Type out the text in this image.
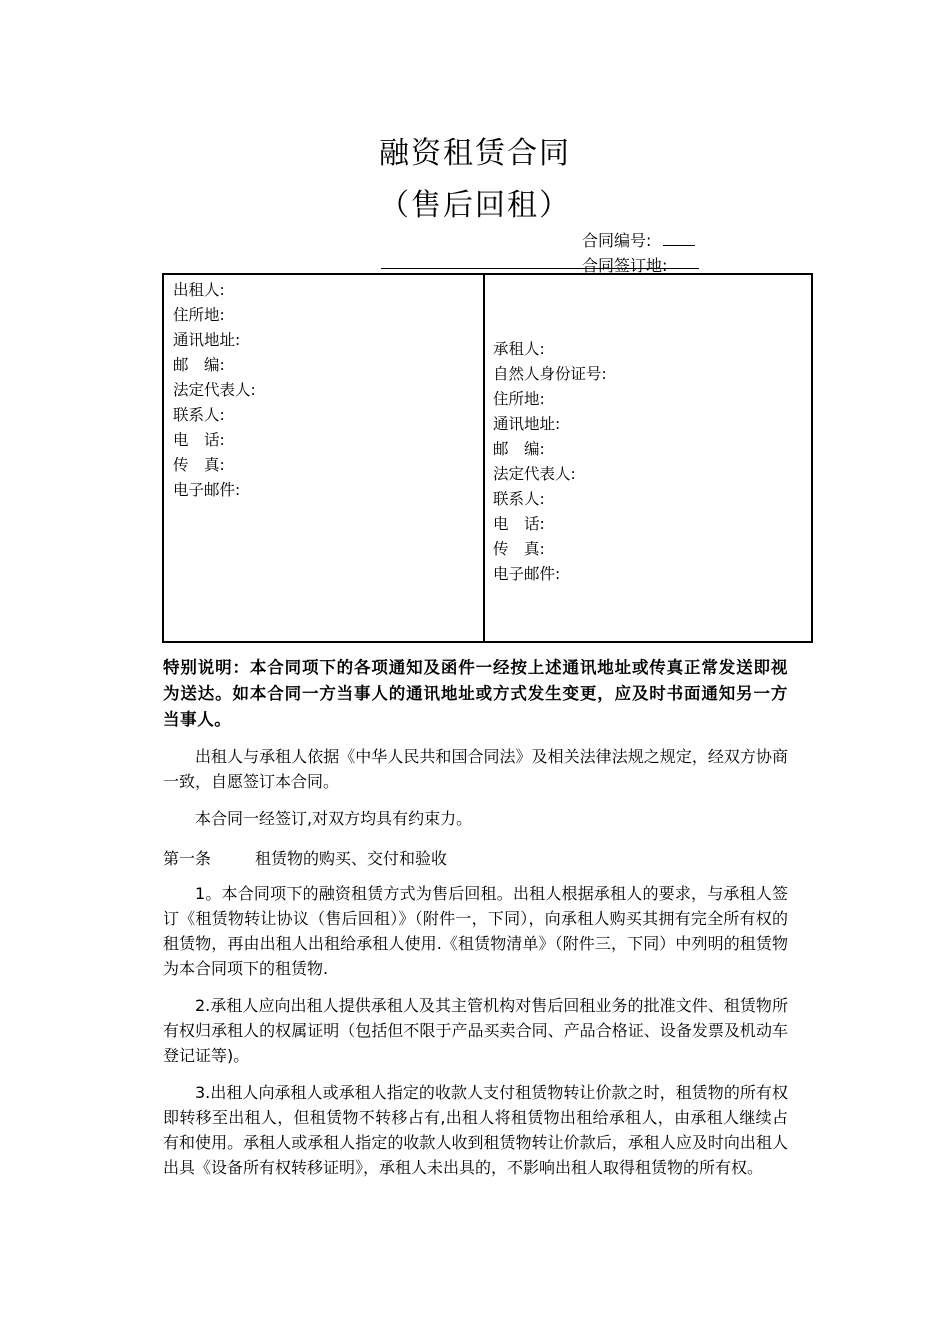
融资租赁合同
（售后回租）
合同编号:
合同签订地:
出租人:
住所地:
通讯地址:
邮　编:
法定代表人:
联系人:
电　话:
传　真:
电子邮件:
承租人:
自然人身份证号:
住所地:
通讯地址:
邮　编:
法定代表人:
联系人:
电　话:
传　真:
电子邮件:
特别说明：本合同项下的各项通知及函件一经按上述通讯地址或传真正常发送即视为送达。如本合同一方当事人的通讯地址或方式发生变更，应及时书面通知另一方当事人。

出租人与承租人依据《中华人民共和国合同法》及相关法律法规之规定，经双方协商一致，自愿签订本合同。

本合同一经签订,对双方均具有约束力。

第一条	租赁物的购买、交付和验收

1。本合同项下的融资租赁方式为售后回租。出租人根据承租人的要求，与承租人签订《租赁物转让协议（售后回租）》（附件一，下同），向承租人购买其拥有完全所有权的租赁物，再由出租人出租给承租人使用.《租赁物清单》（附件三，下同）中列明的租赁物为本合同项下的租赁物.

2.承租人应向出租人提供承租人及其主管机构对售后回租业务的批准文件、租赁物所有权归承租人的权属证明（包括但不限于产品买卖合同、产品合格证、设备发票及机动车登记证等)。

3.出租人向承租人或承租人指定的收款人支付租赁物转让价款之时，租赁物的所有权即转移至出租人，但租赁物不转移占有,出租人将租赁物出租给承租人，由承租人继续占有和使用。承租人或承租人指定的收款人收到租赁物转让价款后，承租人应及时向出租人出具《设备所有权转移证明》，承租人未出具的，不影响出租人取得租赁物的所有权。
